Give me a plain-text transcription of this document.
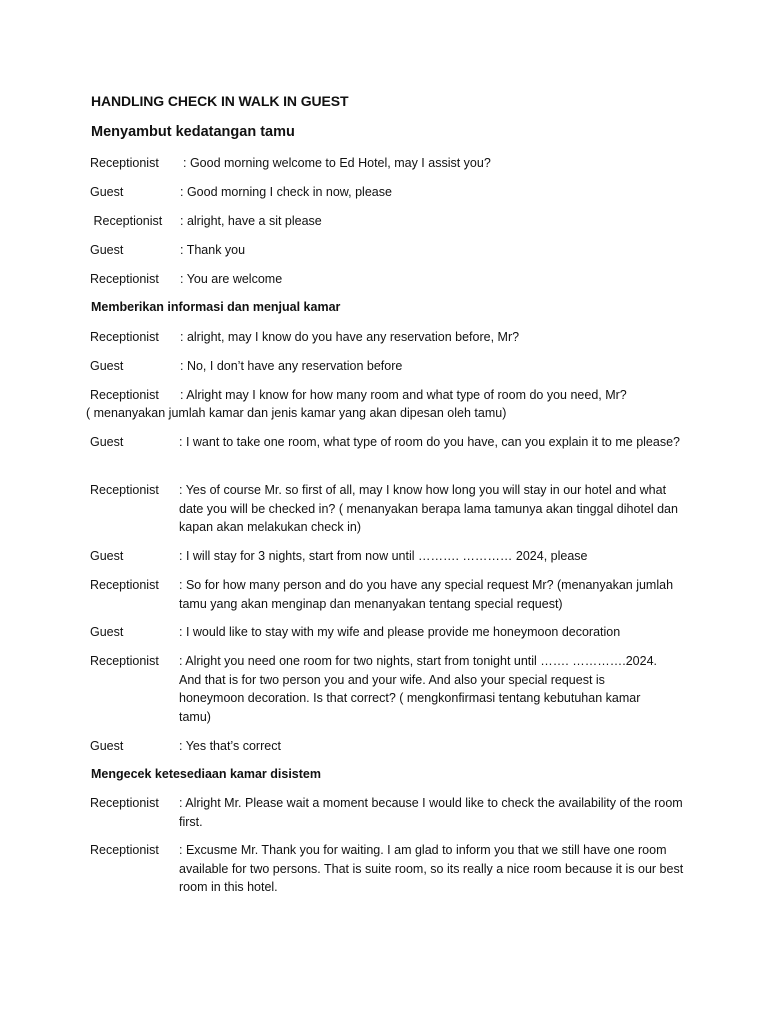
HANDLING CHECK IN WALK IN GUEST
Menyambut kedatangan tamu
Receptionist : Good morning welcome to Ed Hotel, may I assist you?
Guest	: Good morning I check in now, please
Receptionist : alright, have a sit please
Guest	: Thank you
Receptionist : You are welcome
Memberikan informasi dan menjual kamar
Receptionist : alright, may I know do you have any reservation before, Mr?
Guest	: No, I don’t have any reservation before
Receptionist : Alright may I know for how many room and what type of room do you need, Mr?
( menanyakan jumlah kamar dan jenis kamar yang akan dipesan oleh tamu)
Guest	: I want to take one room, what type of room do you have, can you explain it to me please?
Receptionist : Yes of course Mr. so first of all, may I know how long you will stay in our hotel and what date you will be checked in? ( menanyakan berapa lama tamunya akan tinggal dihotel dan kapan akan melakukan check in)
Guest	: I will stay for 3 nights, start from now until ………. ………… 2024, please
Receptionist : So for how many person and do you have any special request Mr? (menanyakan jumlah tamu yang akan menginap dan menanyakan tentang special request)
Guest	: I would like to stay with my wife and please provide me honeymoon decoration
Receptionist : Alright you need one room for two nights, start from tonight until ……. ………….2024. And that is for two person you and your wife. And also your special request is honeymoon decoration. Is that correct? ( mengkonfirmasi tentang kebutuhan kamar tamu)
Guest	: Yes that’s correct
Mengecek ketesediaan kamar disistem
Receptionist : Alright Mr. Please wait a moment because I would like to check the availability of the room first.
Receptionist : Excusme Mr. Thank you for waiting. I am glad to inform you that we still have one room available for two persons. That is suite room, so its really a nice room because it is our best room in this hotel.
